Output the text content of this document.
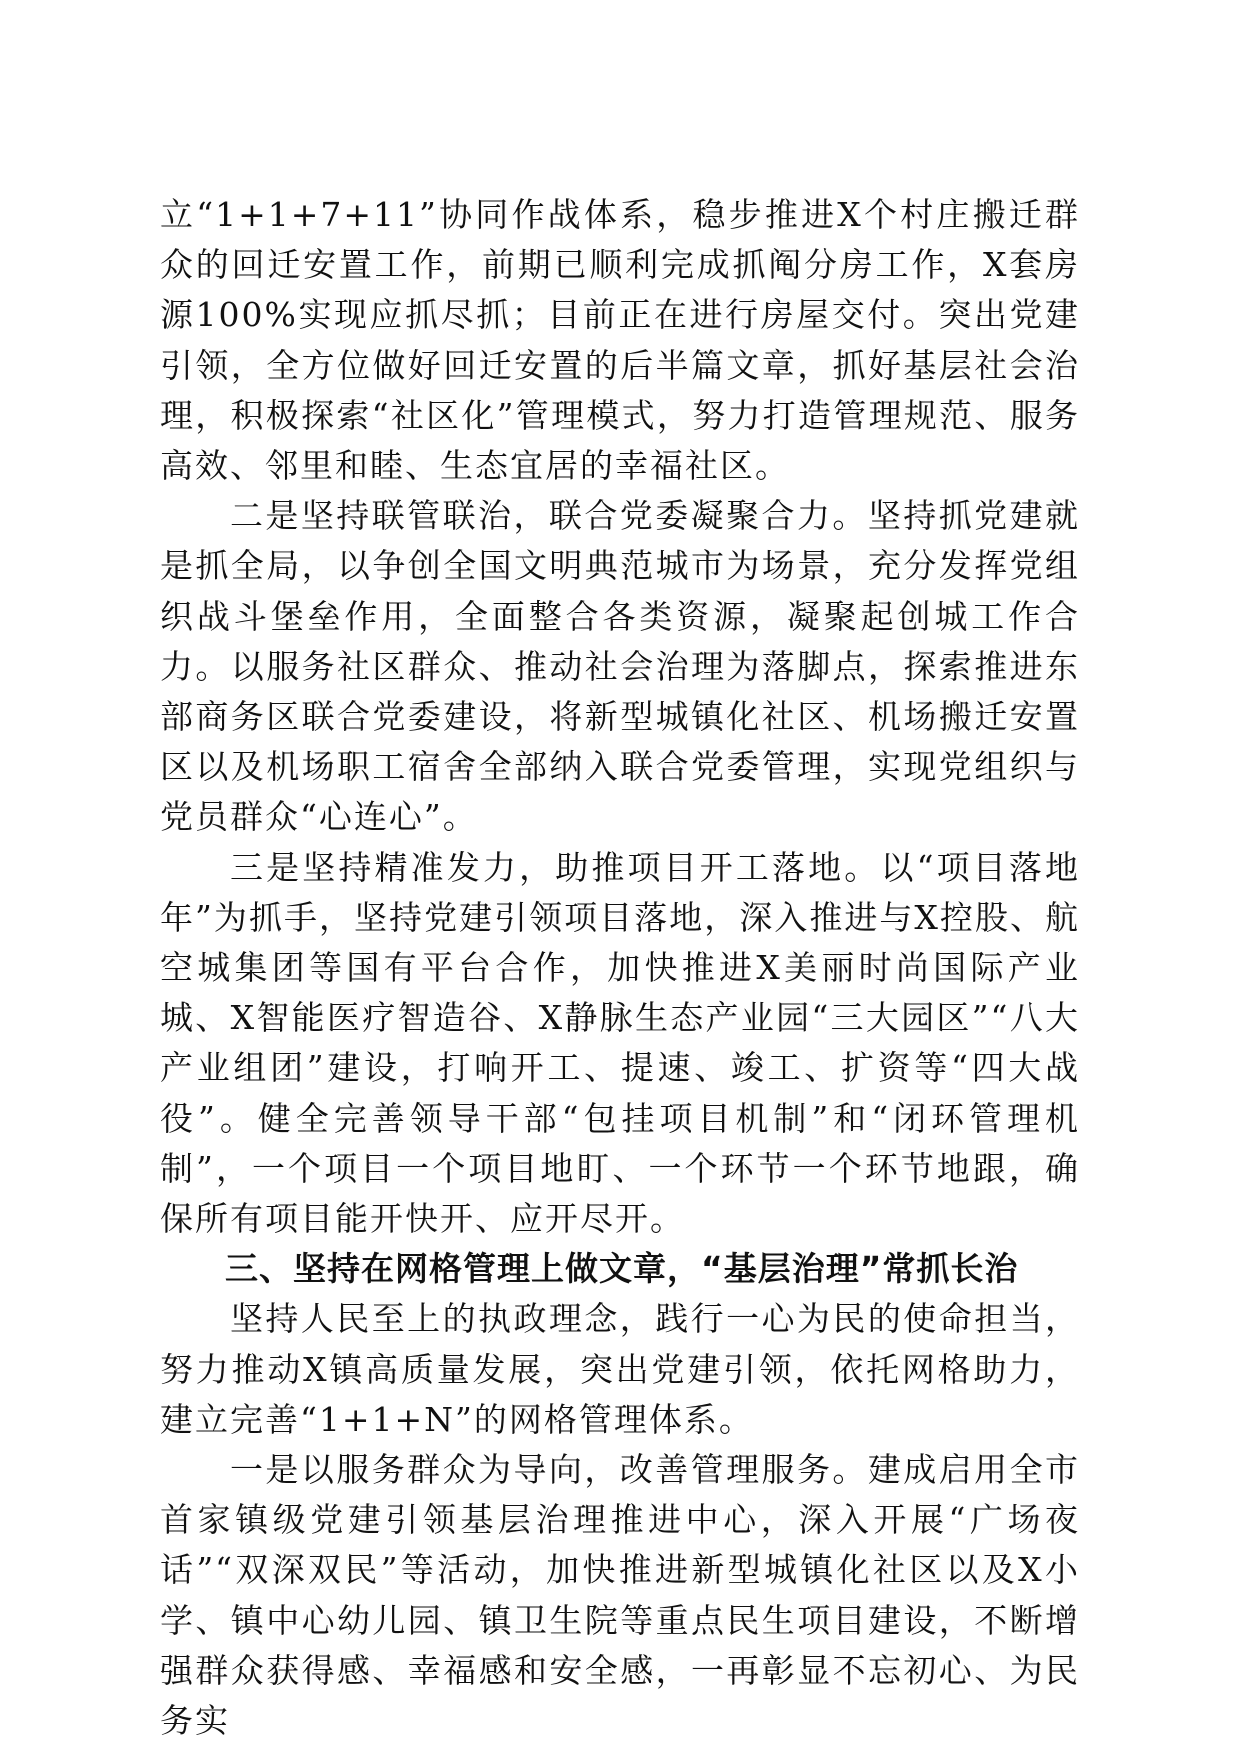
立“1+1+7+11”协同作战体系，稳步推进X个村庄搬迁群众的回迁安置工作，前期已顺利完成抓阄分房工作，X套房源100%实现应抓尽抓；目前正在进行房屋交付。突出党建引领，全方位做好回迁安置的后半篇文章，抓好基层社会治理，积极探索“社区化”管理模式，努力打造管理规范、服务高效、邻里和睦、生态宜居的幸福社区。

二是坚持联管联治，联合党委凝聚合力。坚持抓党建就是抓全局，以争创全国文明典范城市为场景，充分发挥党组织战斗堡垒作用，全面整合各类资源，凝聚起创城工作合力。以服务社区群众、推动社会治理为落脚点，探索推进东部商务区联合党委建设，将新型城镇化社区、机场搬迁安置区以及机场职工宿舍全部纳入联合党委管理，实现党组织与党员群众“心连心”。

三是坚持精准发力，助推项目开工落地。以“项目落地年”为抓手，坚持党建引领项目落地，深入推进与X控股、航空城集团等国有平台合作，加快推进X美丽时尚国际产业城、X智能医疗智造谷、X静脉生态产业园“三大园区”“八大产业组团”建设，打响开工、提速、竣工、扩资等“四大战役”。健全完善领导干部“包挂项目机制”和“闭环管理机制”，一个项目一个项目地盯、一个环节一个环节地跟，确保所有项目能开快开、应开尽开。

三、坚持在网格管理上做文章，“基层治理”常抓长治

坚持人民至上的执政理念，践行一心为民的使命担当，努力推动X镇高质量发展，突出党建引领，依托网格助力，建立完善“1+1+N”的网格管理体系。

一是以服务群众为导向，改善管理服务。建成启用全市首家镇级党建引领基层治理推进中心，深入开展“广场夜话”“双深双民”等活动，加快推进新型城镇化社区以及X小学、镇中心幼儿园、镇卫生院等重点民生项目建设，不断增强群众获得感、幸福感和安全感，一再彰显不忘初心、为民务实
